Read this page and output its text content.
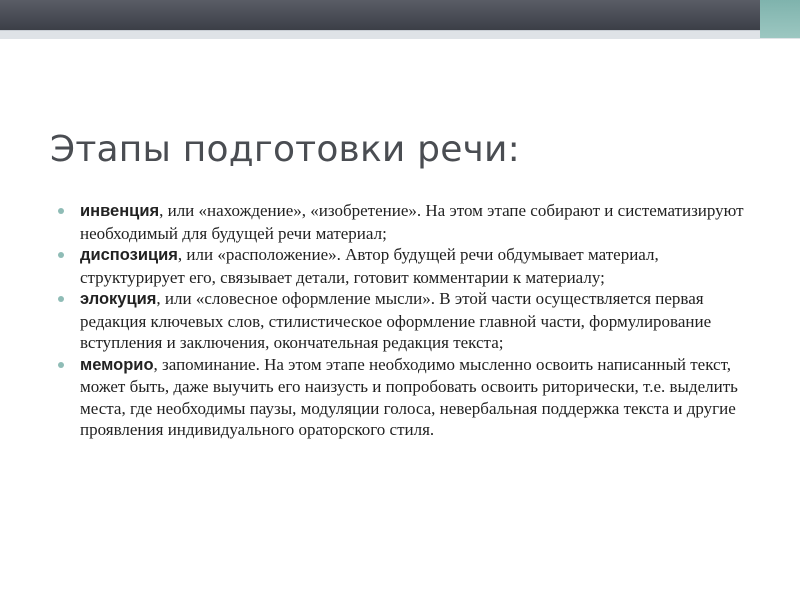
Этапы подготовки речи:
инвенция, или «нахождение», «изобретение». На этом этапе собирают и систематизируют необходимый для будущей речи материал;
диспозиция, или «расположение». Автор будущей речи обдумывает материал, структурирует его, связывает детали, готовит комментарии к материалу;
элокуция, или «словесное оформление мысли». В этой части осуществляется первая редакция ключевых слов, стилистическое оформление главной части, формулирование вступления и заключения, окончательная редакция текста;
меморио, запоминание. На этом этапе необходимо мысленно освоить написанный текст, может быть, даже выучить его наизусть и попробовать освоить риторически, т.е. выделить места, где необходимы паузы, модуляции голоса, невербальная поддержка текста и другие проявления индивидуального ораторского стиля.
